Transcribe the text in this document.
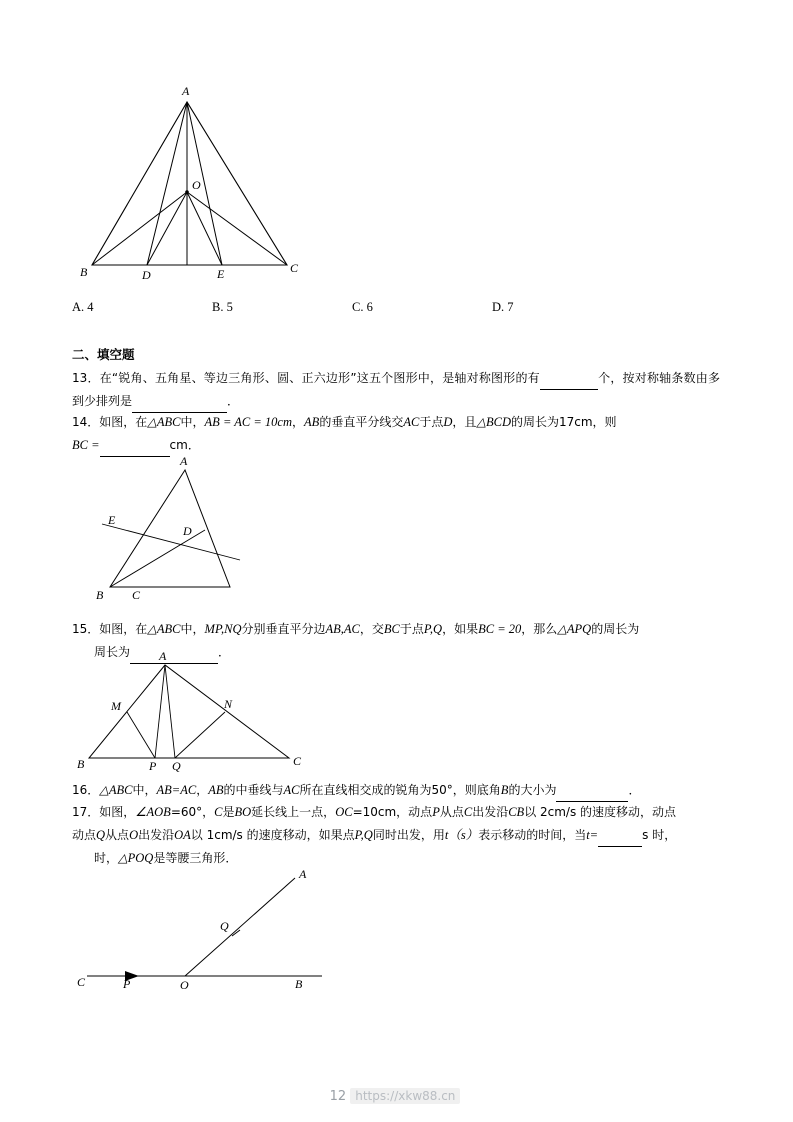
A
O
B	D	E	C
A. 4	B. 5	C. 6	D. 7
二、填空题
13．在“锐角、五角星、等边三角形、圆、正六边形”这五个图形中，是轴对称图形的有	个，按对称轴条数由多到少排列是	．
14．如图，在△ABC中，AB = AC = 10cm，AB的垂直平分线交AC于点D，且△BCD的周长为17cm，则
BC =	cm．
A
E
D
B C
15．如图，在△ABC中，MP,NQ分别垂直平分边AB,AC，交BC于点P,Q，如果BC = 20，那么△APQ的周长为
周长为	．
A
M	N
B	P Q	C
16．△ABC中，AB=AC，AB的中垂线与AC所在直线相交成的锐角为50°，则底角B的大小为	．
17．如图，∠AOB=60°，C是BO延长线上一点，OC=10cm，动点P从点C出发沿CB以 2cm/s 的速度移动，动点
动点Q从点O出发沿OA以 1cm/s 的速度移动，如果点P,Q同时出发，用t（s）表示移动的时间，当t=	s 时，
时，△POQ是等腰三角形．
A
Q
C	P	O	B
12 https://xkw88.cn
